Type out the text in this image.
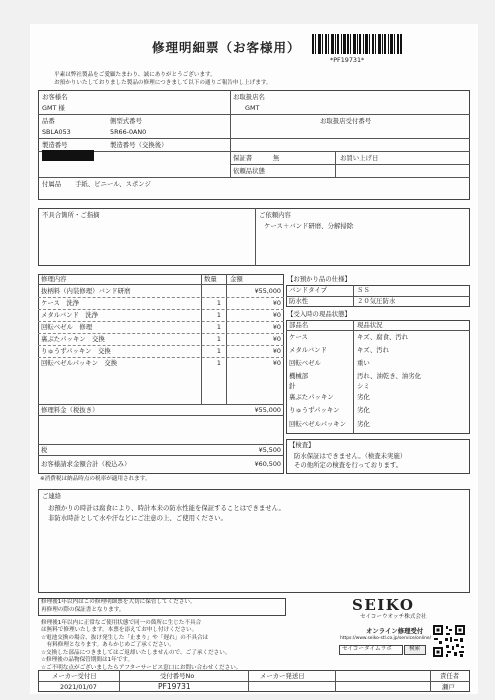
修理明細票（お客様用）
*PF19731*
平素は弊社製品をご愛顧たまわり、誠にありがとうございます。
お預かりいたしておりました製品の修理につきまして以下の通りご報告申し上げます。
お客様名
GMT 様
お取扱店名
GMT
品番
SBLA053
側型式番号
5R66-0AN0
お取扱店受付番号
製造番号	製造番号（交換後）
保証書	無	お買い上げ日
依頼品状態
付属品 手紙、ビニール、スポンジ
不具合箇所・ご指摘	ご依頼内容
ケース＋バンド研磨、分解掃除
修理内容	数量 金額
抜柄料（内装修理）バンド研磨	¥55,000
ケース　洗浄	1	¥0
メタルバンド　洗浄	1	¥0
回転ベゼル　修理	1	¥0
裏ぶたパッキン　交換	1	¥0
りゅうずパッキン　交換	1	¥0
回転ベゼルパッキン　交換	1	¥0
修理料金（税抜き）	¥55,000
税	¥5,500
お客様請求金額合計（税込み）	¥60,500
※消費税は納品時点の税率が適用されます。
【お預かり品の仕様】
バンドタイプ	ＳＳ
防水性	２０気圧防水
【受入時の現品状態】
部品名	現品状況
ケース	キズ、腐食、汚れ
メタルバンド	キズ、汚れ
回転ベゼル	重い
機械部	汚れ、油乾き、油劣化
針	シミ
裏ぶたパッキン	劣化
りゅうずパッキン	劣化
回転ベゼルパッキン 劣化
【検査】
防水保証はできません。（検査未実施）
その他所定の検査を行っております。
ご連絡
お預かりの時計は腐食により、時計本来の防水性能を保証することはできません。
非防水時計として水や汗などにご注意の上、ご使用ください。
修理後1年以内はこの修理明細票を大切に保管してください。
再修理の際の保証書となります。
修理後1年以内に正常なご使用状態で同一の箇所に生じた不具合
は無料で修理いたします。本票を添えてお申し付けください。
☆電池交換の場合、抜け発生した「止まり」や「遅れ」の不具合は
　有料修理となります。あらかじめご了承ください。
☆交換した部品につきましてはご返却いたしませんので、ご了承ください。
☆修理後の品物保管期間は1年です。
☆ご不明な点がございましたらアフターサービス窓口にお問い合わせください。
SEIKO
セイコーウオッチ株式会社
オンライン修理受付
https://www.seiko-stl.co.jp/service/online/
セイコータイムラボ	検索
メーカー受付日	受付番号No	メーカー発送日	責任者
2021/01/07	PF19731	瀬戸
